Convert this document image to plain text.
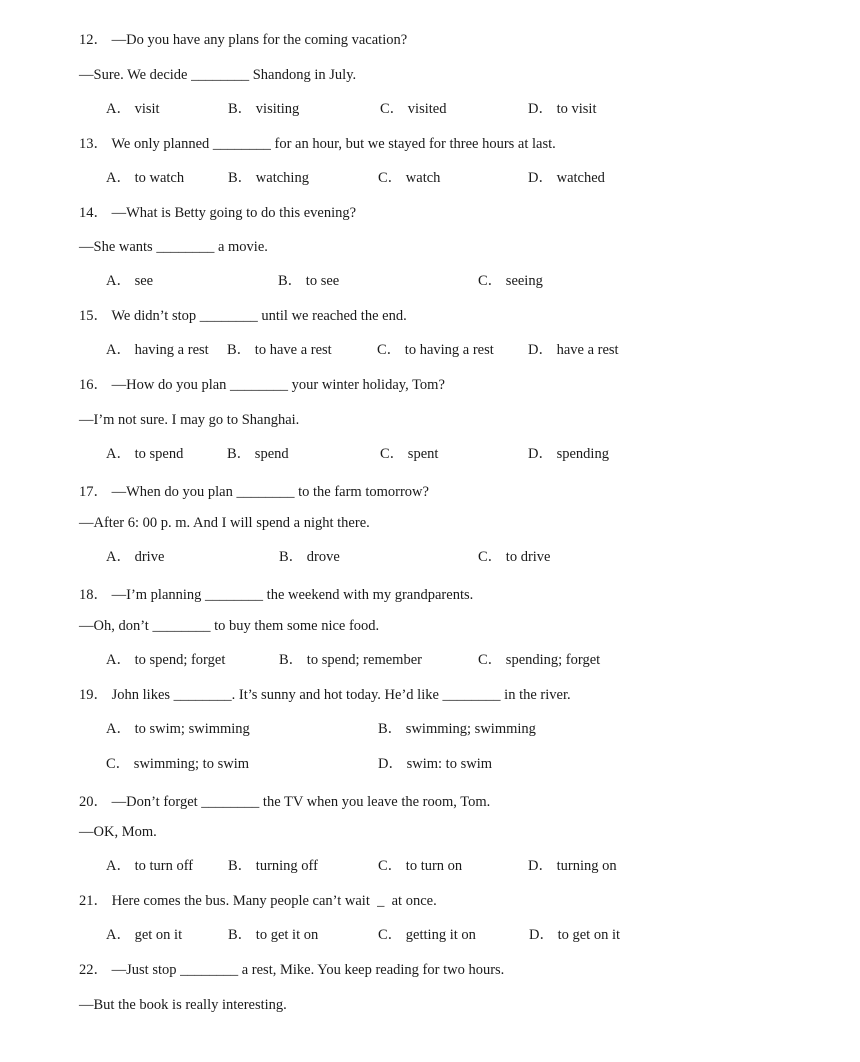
12． —Do you have any plans for the coming vacation?
—Sure. We decide ________ Shandong in July.
A． visit	B． visiting	C． visited	D． to visit
13． We only planned ________ for an hour, but we stayed for three hours at last.
A． to watch	B． watching	C． watch	D． watched
14． —What is Betty going to do this evening?
—She wants ________ a movie.
A． see	B． to see	C． seeing
15． We didn’t stop ________ until we reached the end.
A． having a rest B． to have a rest	C． to having a rest D． have a rest
16． —How do you plan ________ your winter holiday, Tom?
—I’m not sure. I may go to Shanghai.
A． to spend	B． spend	C． spent	D． spending
17． —When do you plan ________ to the farm tomorrow?
—After 6: 00 p. m. And I will spend a night there.
A． drive	B． drove	C． to drive
18． —I’m planning ________ the weekend with my grandparents.
—Oh, don’t ________ to buy them some nice food.
A． to spend; forget	B． to spend; remember	C． spending; forget
19． John likes ________. It’s sunny and hot today. He’d like ________ in the river.
A． to swim; swimming	B． swimming; swimming
C． swimming; to swim	D． swim: to swim
20． —Don’t forget ________ the TV when you leave the room, Tom.
—OK, Mom.
A． to turn off B． turning off	C． to turn on	D． turning on
21． Here comes the bus. Many people can’t wait  _  at once.
A． get on it	B． to get it on	C． getting it on	D． to get on it
22． —Just stop ________ a rest, Mike. You keep reading for two hours.
—But the book is really interesting.
